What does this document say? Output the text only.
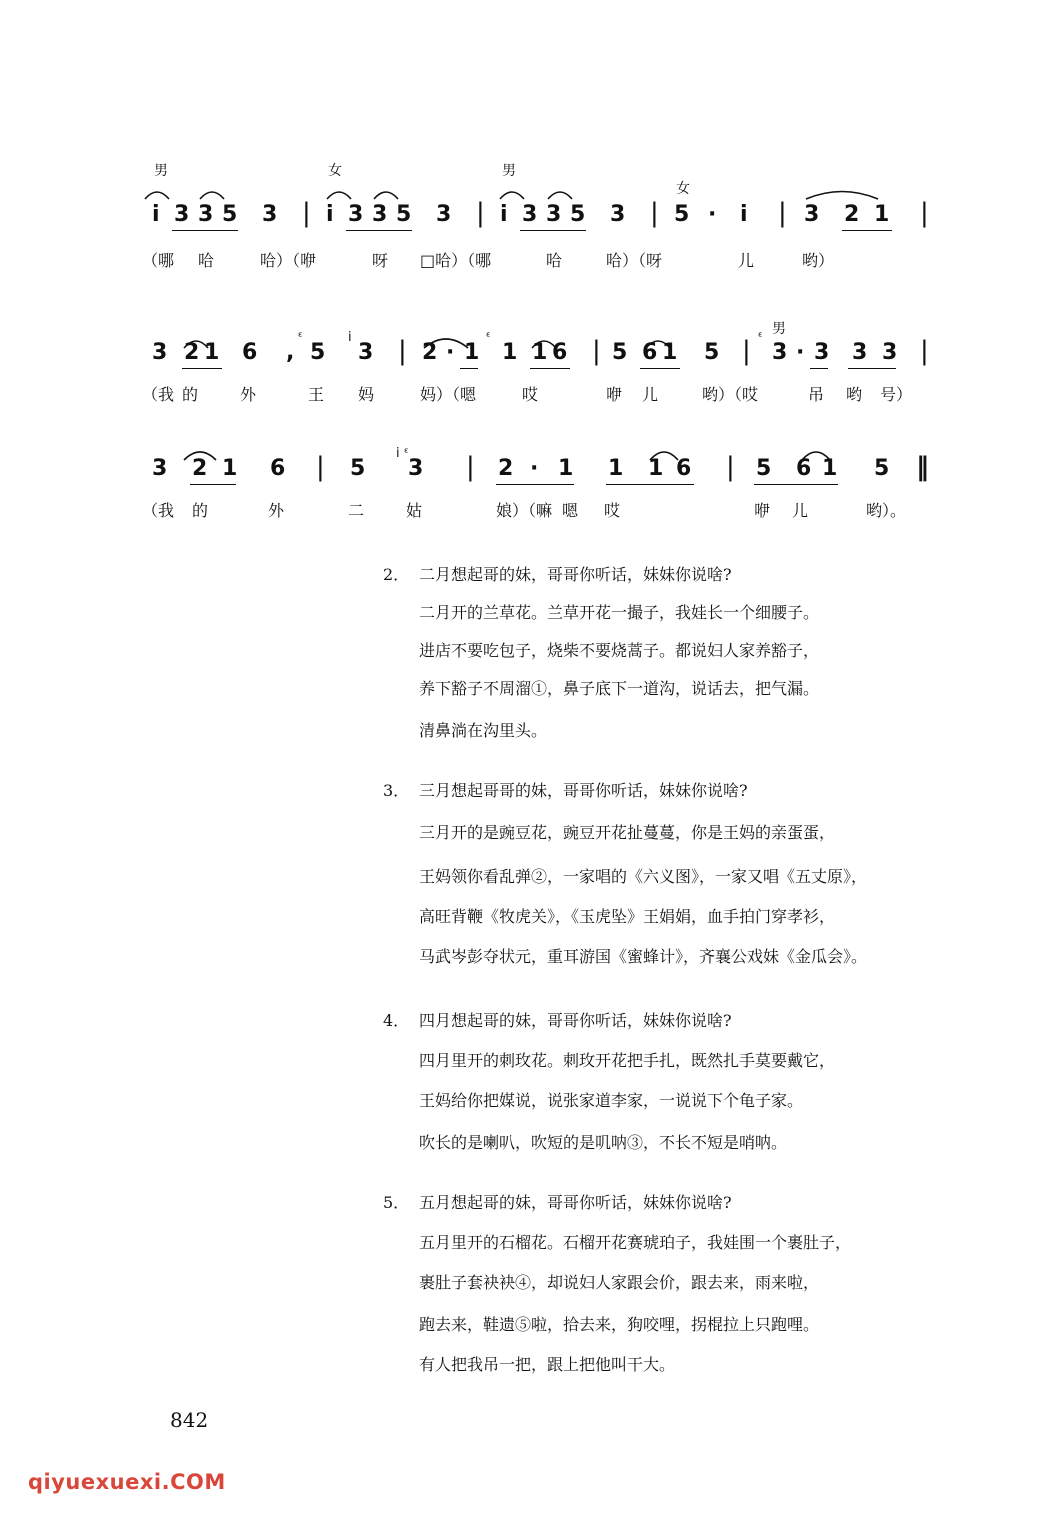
男	女	男
女
i 3 3 5 3 | i 3 3 5 3 | i 3 3 5 3 | 5 · i | 3 2 1 |
（哪 哈	哈）（咿	呀 □哈）（哪	哈	哈）（呀	儿	哟）
男
ᵋ	i	ᵋ	ᵋ
3 2 1 6 , 5 3 | 2 · 1 1 1 6 | 5 6 1 5 | 3 · 3 3 3 |
（我 的	外	王 妈	妈）（嗯	哎	咿 儿	哟）（哎	吊 哟 号）
i ᵋ
3 2 1 6 | 5 3 | 2 · 1 1 1 6 | 5 6 1 5 ‖
（我 的	外	二	姑	娘）（嘛 嗯 哎	咿 儿	哟）。
2． 二月想起哥的妹，哥哥你听话，妹妹你说啥?
二月开的兰草花。兰草开花一撮子，我娃长一个细腰子。
进店不要吃包子，烧柴不要烧蒿子。都说妇人家养豁子，
养下豁子不周溜①，鼻子底下一道沟，说话去，把气漏。
清鼻淌在沟里头。
3． 三月想起哥哥的妹，哥哥你听话，妹妹你说啥?
三月开的是豌豆花，豌豆开花扯蔓蔓，你是王妈的亲蛋蛋，
王妈领你看乱弹②，一家唱的《六义图》，一家又唱《五丈原》，
高旺背鞭《牧虎关》，《玉虎坠》王娟娟，血手拍门穿孝衫，
马武岑彭夺状元，重耳游国《蜜蜂计》，齐襄公戏妹《金瓜会》。
4． 四月想起哥的妹，哥哥你听话，妹妹你说啥?
四月里开的刺玫花。刺玫开花把手扎，既然扎手莫要戴它，
王妈给你把媒说，说张家道李家，一说说下个龟子家。
吹长的是喇叭，吹短的是叽呐③，不长不短是哨呐。
5． 五月想起哥的妹，哥哥你听话，妹妹你说啥?
五月里开的石榴花。石榴开花赛琥珀子，我娃围一个裹肚子，
裹肚子套袂袂④，却说妇人家跟会价，跟去来，雨来啦，
跑去来，鞋遗⑤啦，拾去来，狗咬哩，拐棍拉上只跑哩。
有人把我吊一把，跟上把他叫干大。
842
qiyuexuexi.COM
